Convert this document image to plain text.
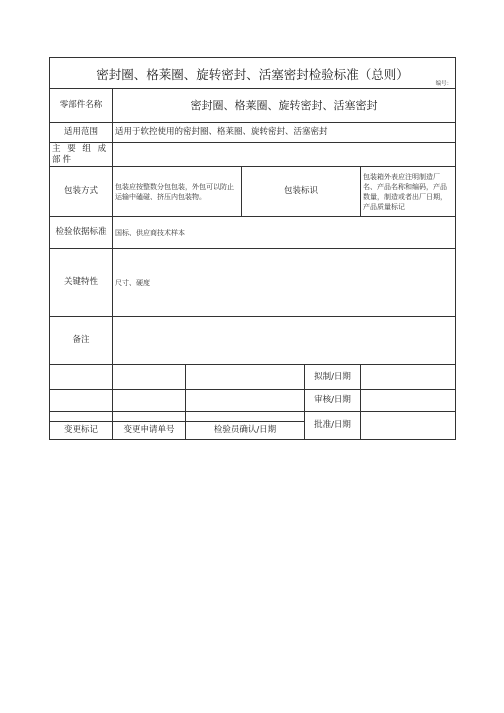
密封圈、格莱圈、旋转密封、活塞密封检验标准（总则）
编号：					

零部件名称	密封圈、格莱圈、旋转密封、活塞密封				
适用范围	适用于软控使用的密封圈、格莱圈、旋转密封、活塞密封				
主 要 组 成 部件					
包装方式	包装应按整数分包包装，外包可以防止运输中磕碰、挤压内包装物。		包装标识		包装箱外表应注明制造厂名、产品名称和编码，产品数量，制造或者出厂日期，产品质量标记
检验依据标准	国标、供应商技术样本				
关键特性	尺寸、硬度				
备注					
				拟制/日期	
				审核/日期	
				批准/日期	
变更标记	变更申请单号	检验员确认/日期			
